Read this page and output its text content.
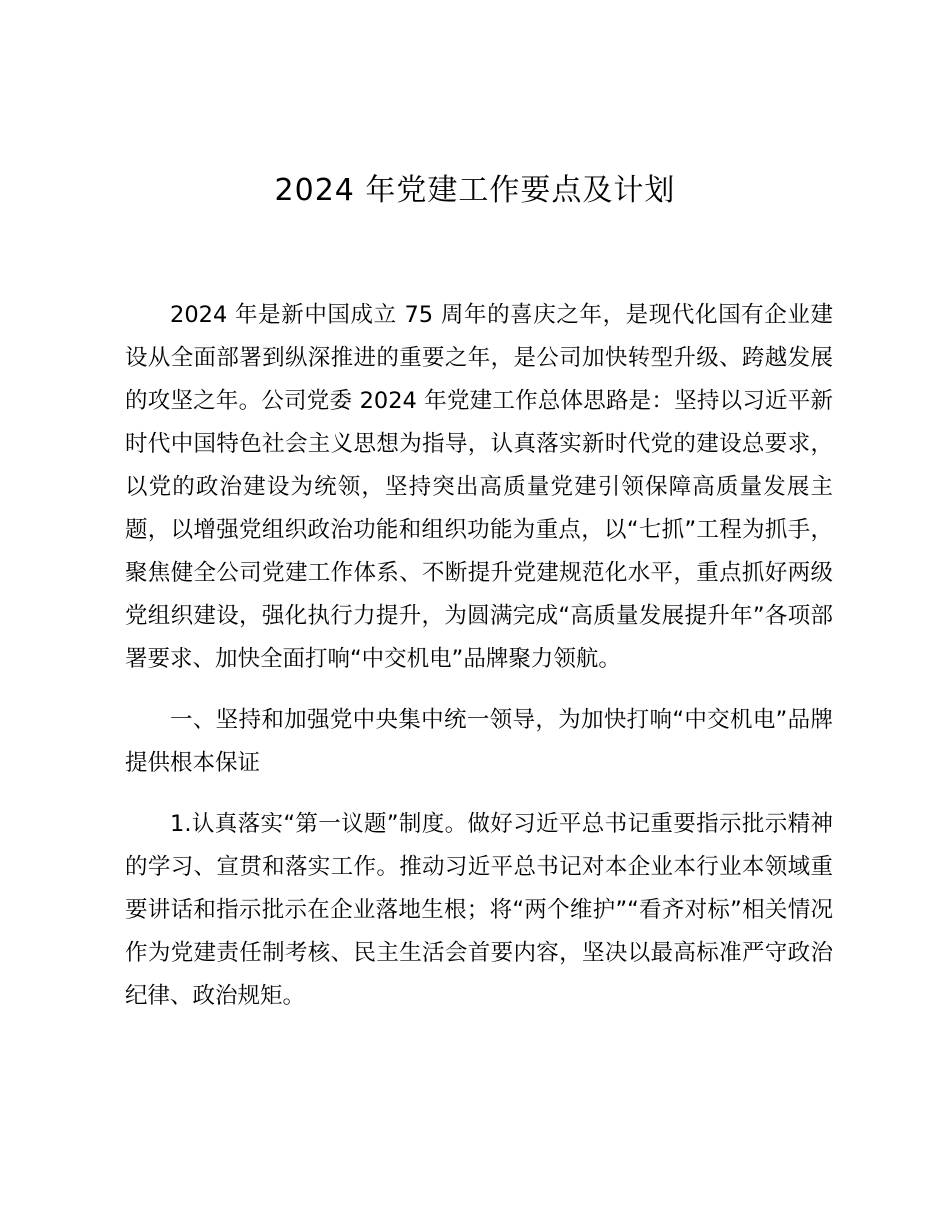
2024 年党建工作要点及计划

2024 年是新中国成立 75 周年的喜庆之年，是现代化国有企业建设从全面部署到纵深推进的重要之年，是公司加快转型升级、跨越发展的攻坚之年。公司党委 2024 年党建工作总体思路是：坚持以习近平新时代中国特色社会主义思想为指导，认真落实新时代党的建设总要求，以党的政治建设为统领，坚持突出高质量党建引领保障高质量发展主题，以增强党组织政治功能和组织功能为重点，以“七抓”工程为抓手，聚焦健全公司党建工作体系、不断提升党建规范化水平，重点抓好两级党组织建设，强化执行力提升，为圆满完成“高质量发展提升年”各项部署要求、加快全面打响“中交机电”品牌聚力领航。

一、坚持和加强党中央集中统一领导，为加快打响“中交机电”品牌提供根本保证

1.认真落实“第一议题”制度。做好习近平总书记重要指示批示精神的学习、宣贯和落实工作。推动习近平总书记对本企业本行业本领域重要讲话和指示批示在企业落地生根；将“两个维护”“看齐对标”相关情况作为党建责任制考核、民主生活会首要内容，坚决以最高标准严守政治纪律、政治规矩。
